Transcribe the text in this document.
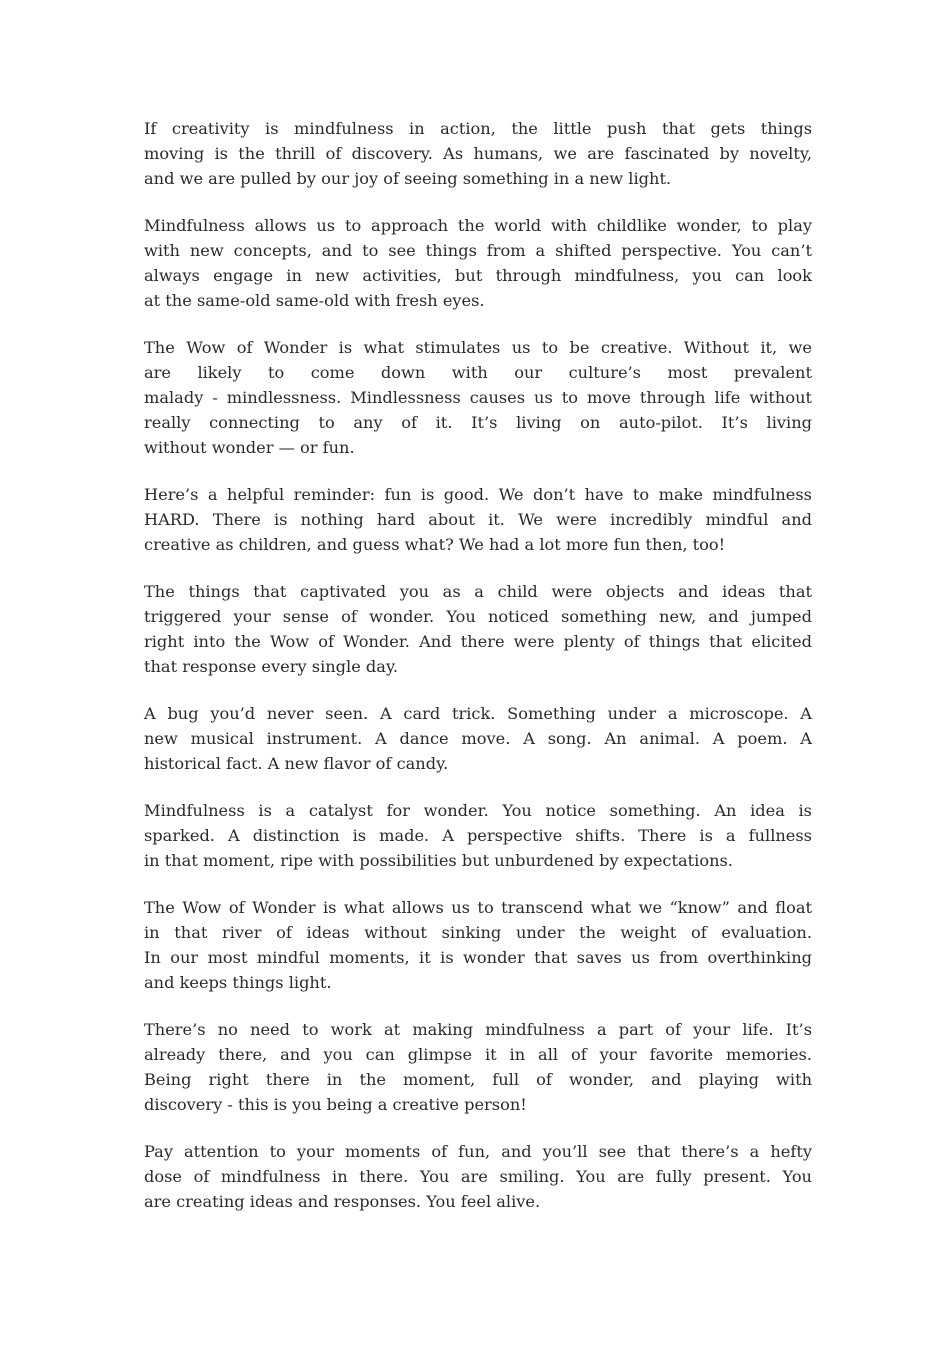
If creativity is mindfulness in action, the little push that gets things
moving is the thrill of discovery. As humans, we are fascinated by novelty,
and we are pulled by our joy of seeing something in a new light.
Mindfulness allows us to approach the world with childlike wonder, to play
with new concepts, and to see things from a shifted perspective. You can’t
always engage in new activities, but through mindfulness, you can look
at the same-old same-old with fresh eyes.
The Wow of Wonder is what stimulates us to be creative. Without it, we
are likely to come down with our culture’s most prevalent
malady - mindlessness. Mindlessness causes us to move through life without
really connecting to any of it. It’s living on auto-pilot. It’s living
without wonder — or fun.
Here’s a helpful reminder: fun is good. We don’t have to make mindfulness
HARD. There is nothing hard about it. We were incredibly mindful and
creative as children, and guess what? We had a lot more fun then, too!
The things that captivated you as a child were objects and ideas that
triggered your sense of wonder. You noticed something new, and jumped
right into the Wow of Wonder. And there were plenty of things that elicited
that response every single day.
A bug you’d never seen. A card trick. Something under a microscope. A
new musical instrument. A dance move. A song. An animal. A poem. A
historical fact. A new flavor of candy.
Mindfulness is a catalyst for wonder. You notice something. An idea is
sparked. A distinction is made. A perspective shifts. There is a fullness
in that moment, ripe with possibilities but unburdened by expectations.
The Wow of Wonder is what allows us to transcend what we “know” and float
in that river of ideas without sinking under the weight of evaluation.
In our most mindful moments, it is wonder that saves us from overthinking
and keeps things light.
There’s no need to work at making mindfulness a part of your life. It’s
already there, and you can glimpse it in all of your favorite memories.
Being right there in the moment, full of wonder, and playing with
discovery - this is you being a creative person!
Pay attention to your moments of fun, and you’ll see that there’s a hefty
dose of mindfulness in there. You are smiling. You are fully present. You
are creating ideas and responses. You feel alive.
